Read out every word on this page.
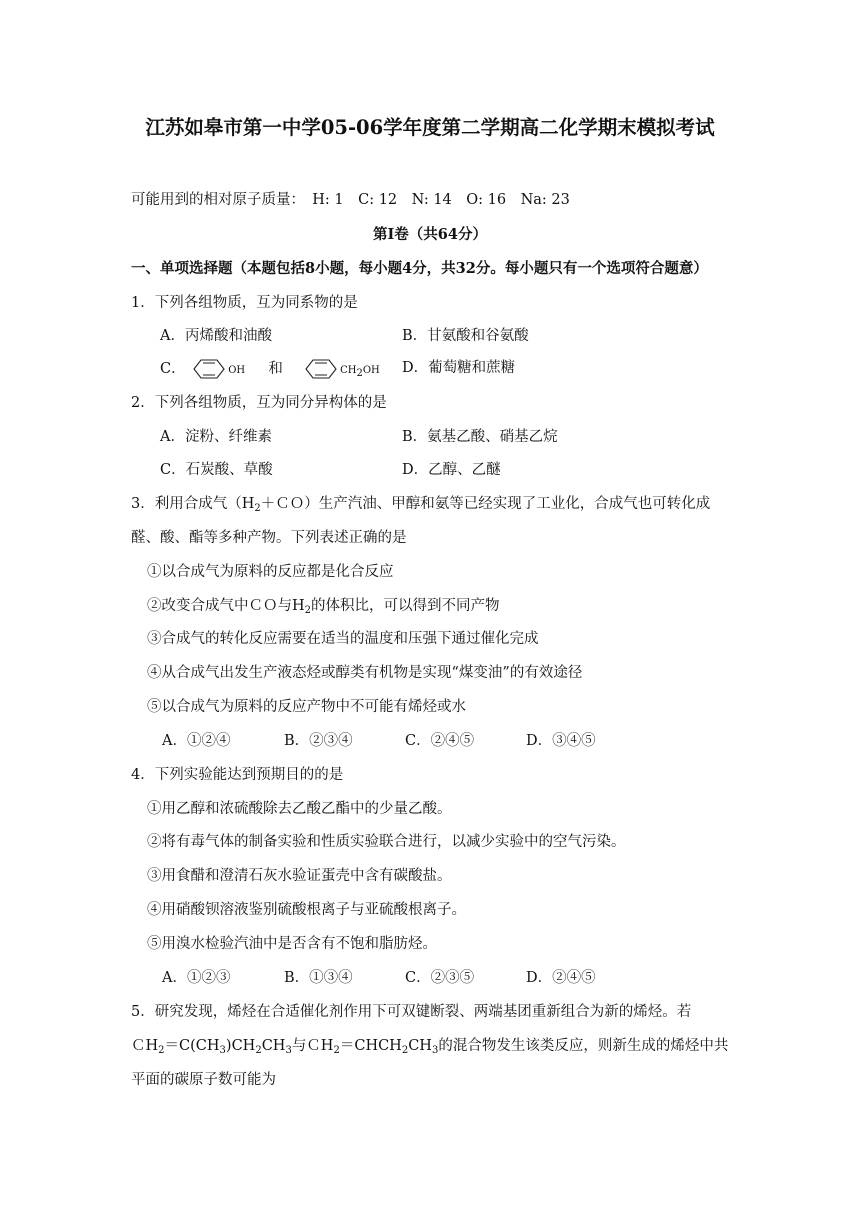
江苏如皋市第一中学05-06学年度第二学期高二化学期末模拟考试
可能用到的相对原子质量：　H: 1　C: 12　N: 14　O: 16　Na: 23
第I卷（共64分）
一、单项选择题（本题包括8小题，每小题4分，共32分。每小题只有一个选项符合题意）
1．下列各组物质，互为同系物的是
A．丙烯酸和油酸	B．甘氨酸和谷氨酸
C．	OH 和	$CH_2OH$ D．葡萄糖和蔗糖
2．下列各组物质，互为同分异构体的是
A．淀粉、纤维素	B．氨基乙酸、硝基乙烷
C．石炭酸、草酸	D．乙醇、乙醚
3．利用合成气$(H_2+CO)$生产汽油、甲醇和氨等已经实现了工业化，合成气也可转化成
醛、酸、酯等多种产物。下列表述正确的是
①以合成气为原料的反应都是化合反应
②改变合成气中ＣＯ与$H_2$的体积比，可以得到不同产物
③合成气的转化反应需要在适当的温度和压强下通过催化完成
④从合成气出发生产液态烃或醇类有机物是实现“煤变油”的有效途径
⑤以合成气为原料的反应产物中不可能有烯烃或水
A．①②④	B．②③④	C．②④⑤	D．③④⑤
4．下列实验能达到预期目的的是
①用乙醇和浓硫酸除去乙酸乙酯中的少量乙酸。
②将有毒气体的制备实验和性质实验联合进行，以减少实验中的空气污染。
③用食醋和澄清石灰水验证蛋壳中含有碳酸盐。
④用硝酸钡溶液鉴别硫酸根离子与亚硫酸根离子。
⑤用溴水检验汽油中是否含有不饱和脂肪烃。
A．①②③	B．①③④	C．②③⑤	D．②④⑤
5．研究发现，烯烃在合适催化剂作用下可双键断裂、两端基团重新组合为新的烯烃。若
$CH_2=C(CH_3)CH_2CH_3$与$CH_2=CHCH_2CH_3$的混合物发生该类反应，则新生成的烯烃中共
平面的碳原子数可能为
